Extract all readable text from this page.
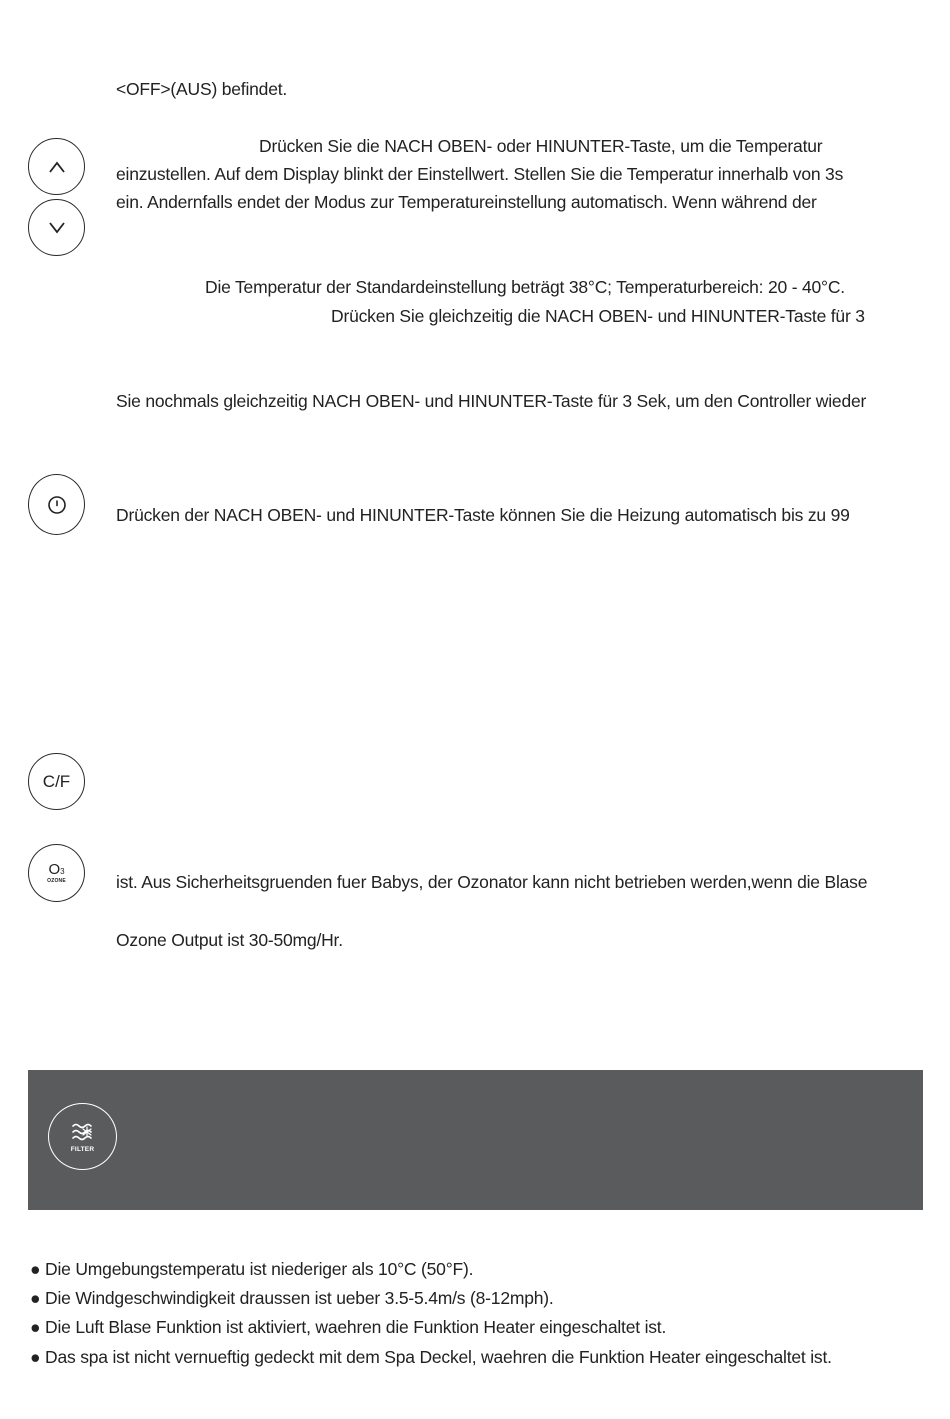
<OFF>(AUS) befindet.
Drücken Sie die NACH OBEN- oder HINUNTER-Taste, um die Temperatur
einzustellen. Auf dem Display blinkt der Einstellwert. Stellen Sie die Temperatur innerhalb von 3s
ein. Andernfalls endet der Modus zur Temperatureinstellung automatisch. Wenn während der
Die Temperatur der Standardeinstellung beträgt 38°C; Temperaturbereich: 20 - 40°C.
Drücken Sie gleichzeitig die NACH OBEN- und HINUNTER-Taste für 3
Sie nochmals gleichzeitig NACH OBEN- und HINUNTER-Taste für 3 Sek, um den Controller wieder
Drücken der NACH OBEN- und HINUNTER-Taste können Sie die Heizung automatisch bis zu 99
ist. Aus Sicherheitsgruenden fuer Babys, der Ozonator kann nicht betrieben werden,wenn die Blase
Ozone Output ist 30-50mg/Hr.
C/F
O3
OZONE
FILTER
● Die Umgebungstemperatu ist niederiger als 10°C (50°F).
● Die Windgeschwindigkeit draussen ist ueber 3.5-5.4m/s (8-12mph).
● Die Luft Blase Funktion ist aktiviert, waehren die Funktion Heater eingeschaltet ist.
● Das spa ist nicht vernueftig gedeckt mit dem Spa Deckel, waehren die Funktion Heater eingeschaltet ist.
